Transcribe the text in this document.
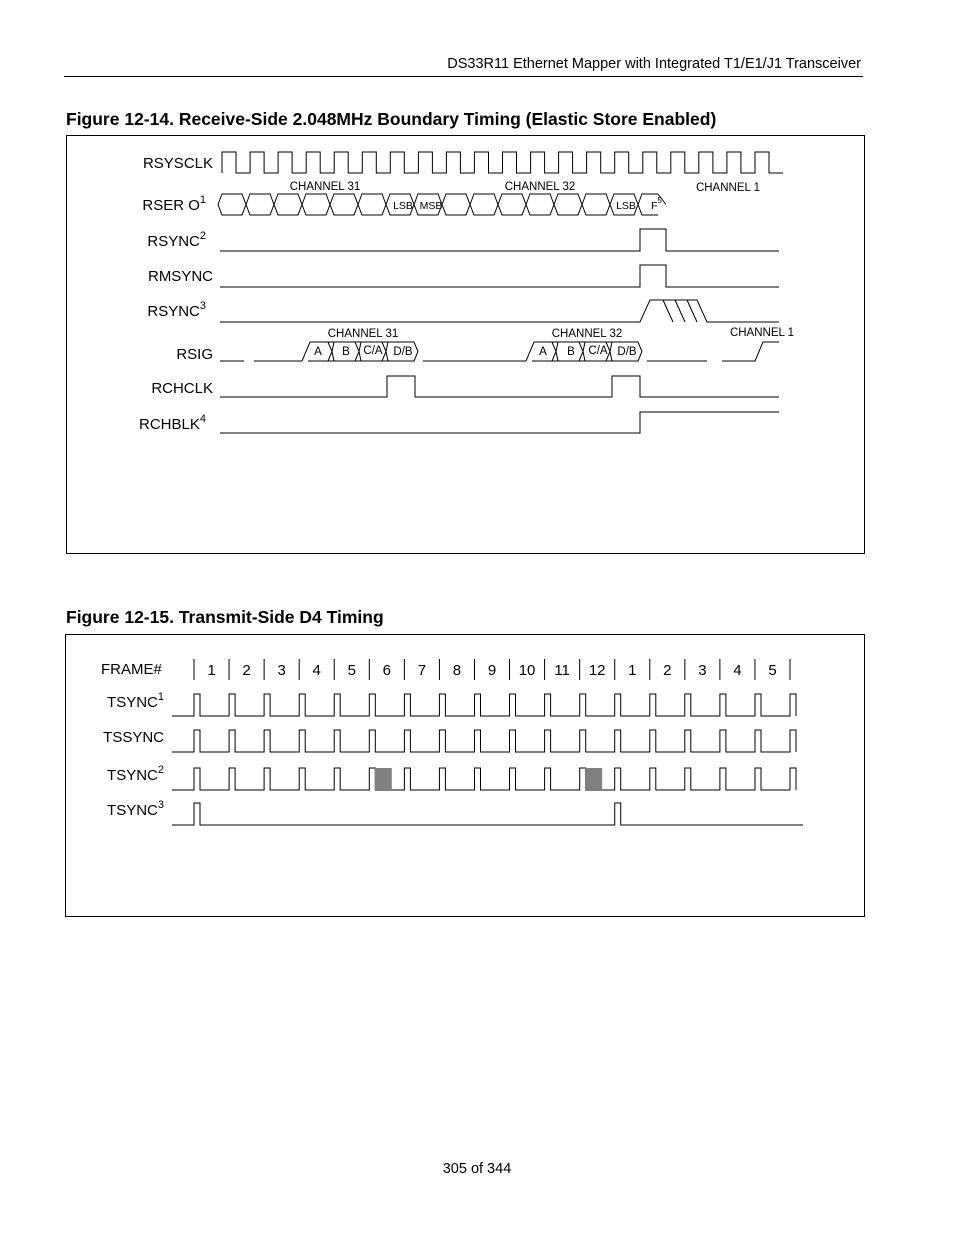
DS33R11 Ethernet Mapper with Integrated T1/E1/J1 Transceiver
Figure 12-14. Receive-Side 2.048MHz Boundary Timing (Elastic Store Enabled)
RSYSCLK
RSER $O^1$
RSYNC$^2$
RMSYNC
RSYNC$^3$
RSIG
RCHCLK
RCHBLK$^4$
CHANNEL 31	CHANNEL 32	CHANNEL 1
LSB MSB	LSB $F^5$
A B C/A D/B	A B C/A D/B
CHANNEL 31	CHANNEL 32	CHANNEL 1
Figure 12-15. Transmit-Side D4 Timing
FRAME#	1 2 3 4 5 6 7 8 9 10 11 12 1 2 3 4 5
TSYNC$^1$
TSSYNC
TSYNC$^2$
TSYNC$^3$
305 of 344
